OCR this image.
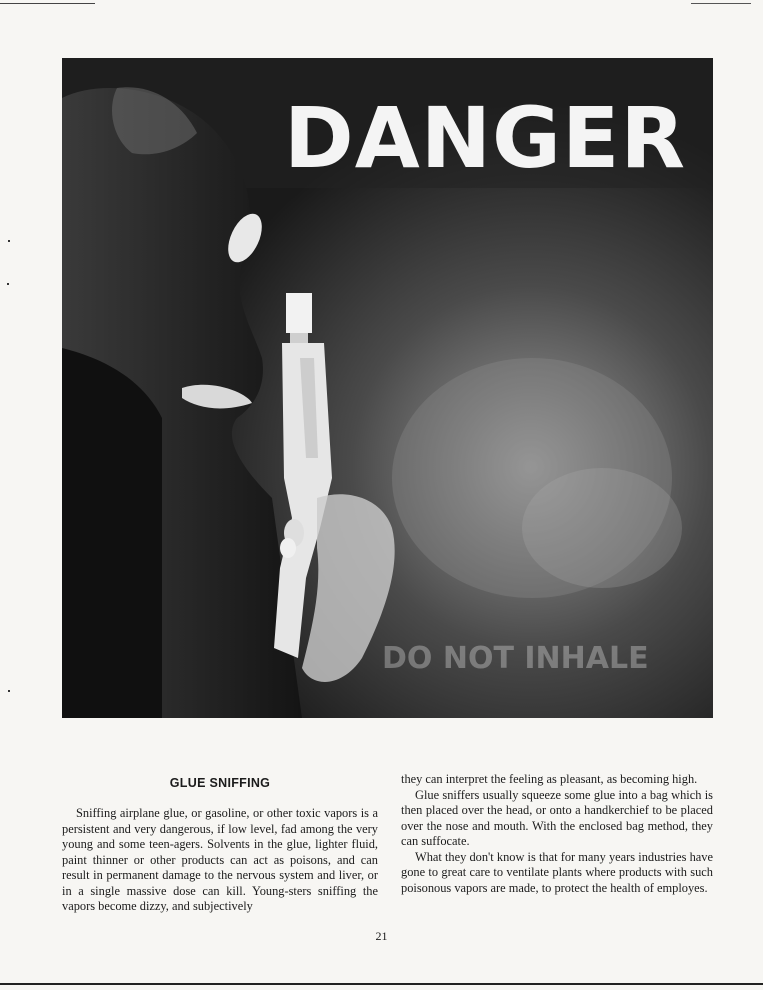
DANGER
DO NOT INHALE
GLUE SNIFFING

Sniffing airplane glue, or gasoline, or other toxic vapors is a persistent and very dangerous, if low level, fad among the very young and some teen-agers. Solvents in the glue, lighter fluid, paint thinner or other products can act as poisons, and can result in permanent damage to the nervous system and liver, or in a single massive dose can kill. Young-sters sniffing the vapors become dizzy, and subjectively

they can interpret the feeling as pleasant, as becoming high.

Glue sniffers usually squeeze some glue into a bag which is then placed over the head, or onto a handkerchief to be placed over the nose and mouth. With the enclosed bag method, they can suffocate.

What they don't know is that for many years industries have gone to great care to ventilate plants where products with such poisonous vapors are made, to protect the health of employes.

21
